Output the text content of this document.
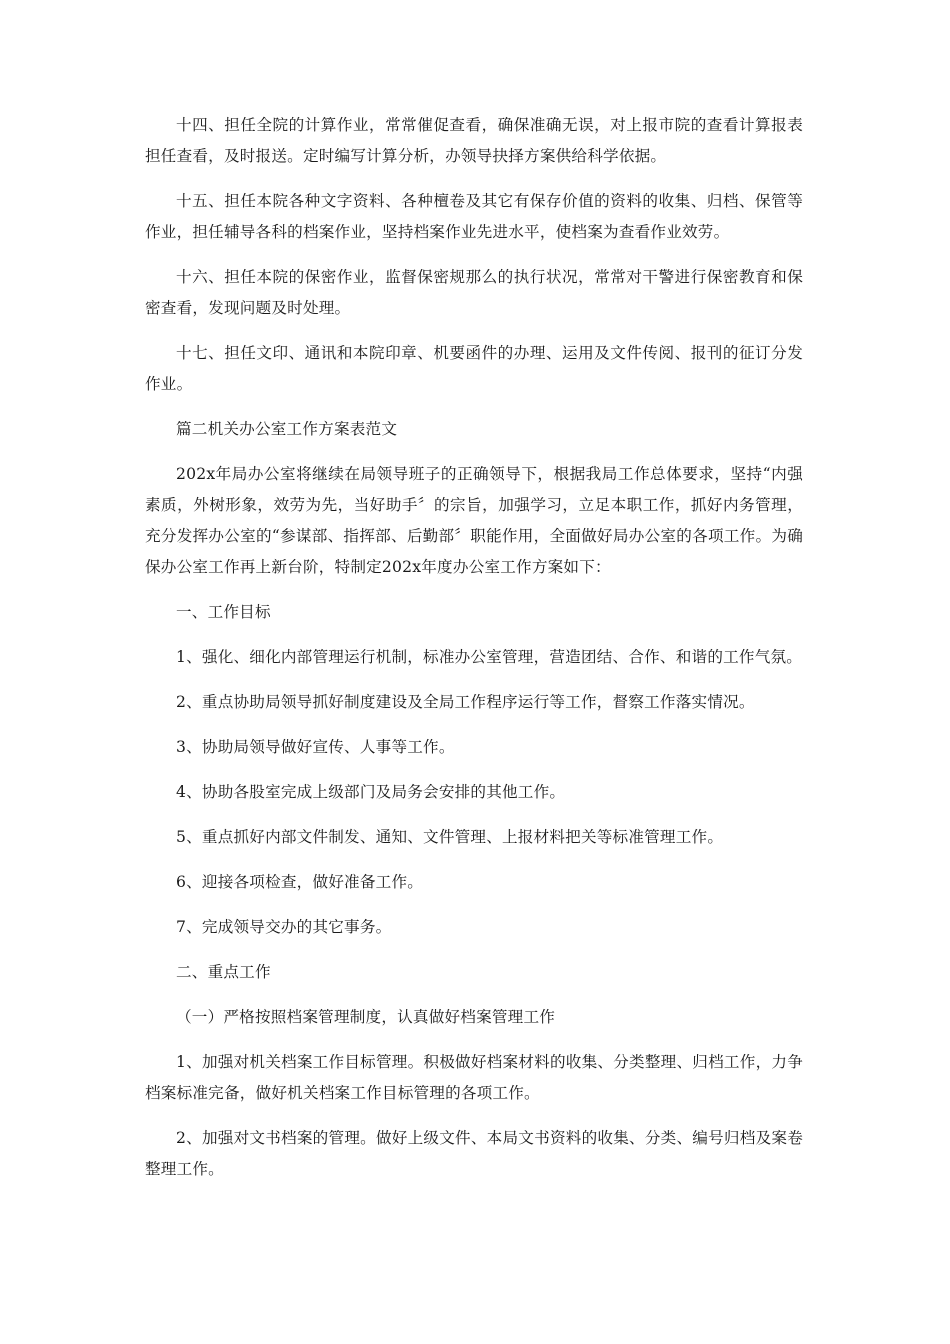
十四、担任全院的计算作业，常常催促查看，确保准确无误，对上报市院的查看计算报表担任查看，及时报送。定时编写计算分析，办领导抉择方案供给科学依据。

十五、担任本院各种文字资料、各种檀卷及其它有保存价值的资料的收集、归档、保管等作业，担任辅导各科的档案作业，坚持档案作业先进水平，使档案为查看作业效劳。

十六、担任本院的保密作业，监督保密规那么的执行状况，常常对干警进行保密教育和保密查看，发现问题及时处理。

十七、担任文印、通讯和本院印章、机要函件的办理、运用及文件传阅、报刊的征订分发作业。

篇二机关办公室工作方案表范文

202x年局办公室将继续在局领导班子的正确领导下，根据我局工作总体要求，坚持“内强素质，外树形象，效劳为先，当好助手〞的宗旨，加强学习，立足本职工作，抓好内务管理，充分发挥办公室的“参谋部、指挥部、后勤部〞职能作用，全面做好局办公室的各项工作。为确保办公室工作再上新台阶，特制定202x年度办公室工作方案如下：

一、工作目标

1、强化、细化内部管理运行机制，标准办公室管理，营造团结、合作、和谐的工作气氛。

2、重点协助局领导抓好制度建设及全局工作程序运行等工作，督察工作落实情况。

3、协助局领导做好宣传、人事等工作。

4、协助各股室完成上级部门及局务会安排的其他工作。

5、重点抓好内部文件制发、通知、文件管理、上报材料把关等标准管理工作。

6、迎接各项检查，做好准备工作。

7、完成领导交办的其它事务。

二、重点工作

（一）严格按照档案管理制度，认真做好档案管理工作

1、加强对机关档案工作目标管理。积极做好档案材料的收集、分类整理、归档工作，力争档案标准完备，做好机关档案工作目标管理的各项工作。

2、加强对文书档案的管理。做好上级文件、本局文书资料的收集、分类、编号归档及案卷整理工作。
